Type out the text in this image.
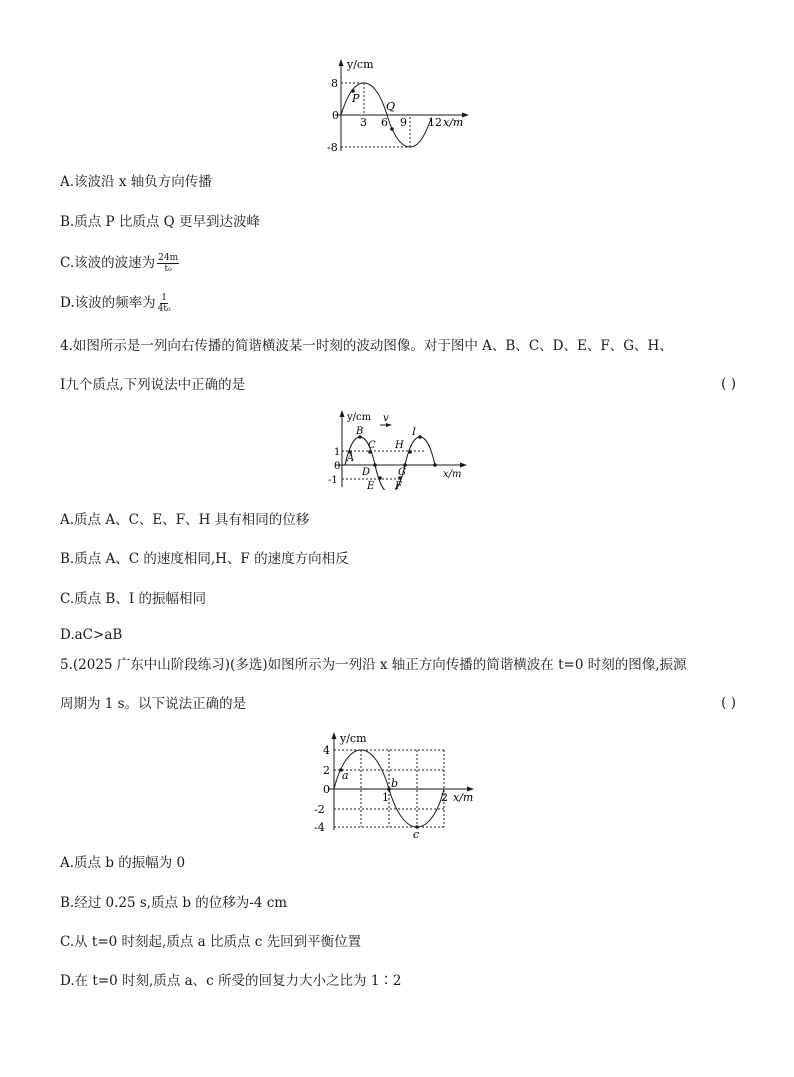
y/cm
8
0
-8
3 6 9 12 x/m
P
Q
A.该波沿 x 轴负方向传播
B.质点 P 比质点 Q 更早到达波峰
C.该波的波速为 $\frac{24m}{\text{t₀}}$
D.该波的频率为 $\frac{1}{\text{4t₀}}$
4.如图所示是一列向右传播的简谐横波某一时刻的波动图像。对于图中 A、B、C、D、E、F、G、H、
I九个质点,下列说法中正确的是	( )
y/cm v
1
0
-1
A
B
C
D
E F
G
H
I
x/m
A.质点 A、C、E、F、H 具有相同的位移
B.质点 A、C 的速度相同,H、F 的速度方向相反
C.质点 B、I 的振幅相同
D.aC>aB
5.(2025 广东中山阶段练习)(多选)如图所示为一列沿 x 轴正方向传播的简谐横波在 t=0 时刻的图像,振源
周期为 1 s。以下说法正确的是	( )
y/cm
4
2
0
-2
-4
1	2 x/m
a
b
c
A.质点 b 的振幅为 0
B.经过 0.25 s,质点 b 的位移为-4 cm
C.从 t=0 时刻起,质点 a 比质点 c 先回到平衡位置
D.在 t=0 时刻,质点 a、c 所受的回复力大小之比为 1∶2
